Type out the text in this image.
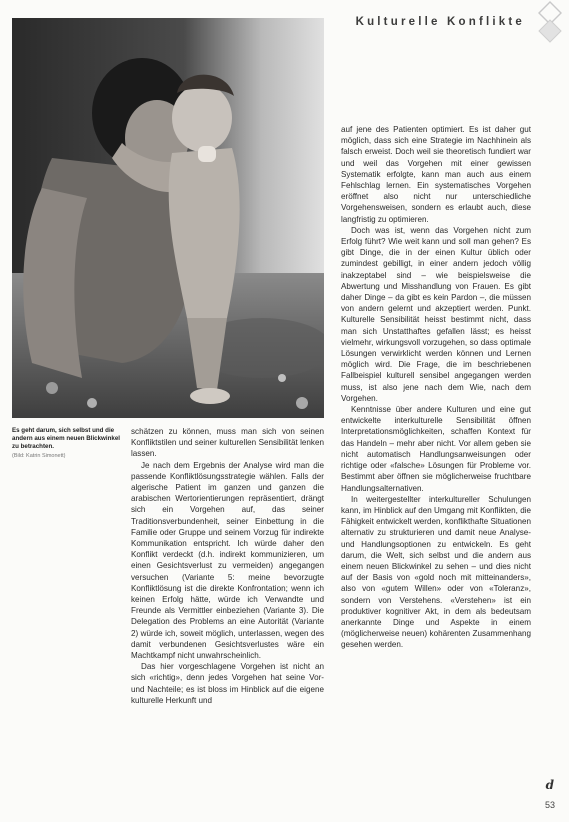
Kulturelle Konflikte
Es geht darum, sich selbst und die andern aus einem neuen Blickwinkel zu betrachten.
(Bild: Katrin Simonett)

schätzen zu können, muss man sich von seinen Konfliktstilen und seiner kulturellen Sensibilität lenken lassen.

Je nach dem Ergebnis der Analyse wird man die passende Konfliktlösungsstrategie wählen. Falls der algerische Patient im ganzen und ganzen die arabischen Wertorientierungen repräsentiert, drängt sich ein Vorgehen auf, das seiner Traditionsverbundenheit, seiner Einbettung in die Familie oder Gruppe und seinem Vorzug für indirekte Kommunikation entspricht. Ich würde daher den Konflikt verdeckt (d.h. indirekt kommunizieren, um einen Gesichtsverlust zu vermeiden) angegangen versuchen (Variante 5: meine bevorzugte Konfliktlösung ist die direkte Konfrontation; wenn ich keinen Erfolg hätte, würde ich Verwandte und Freunde als Vermittler einbeziehen (Variante 3). Die Delegation des Problems an eine Autorität (Variante 2) würde ich, soweit möglich, unterlassen, wegen des damit verbundenen Gesichtsverlustes wäre ein Machtkampf nicht unwahrscheinlich.

Das hier vorgeschlagene Vorgehen ist nicht an sich «richtig», denn jedes Vorgehen hat seine Vor- und Nachteile; es ist bloss im Hinblick auf die eigene kulturelle Herkunft und

auf jene des Patienten optimiert. Es ist daher gut möglich, dass sich eine Strategie im Nachhinein als falsch erweist. Doch weil sie theoretisch fundiert war und weil das Vorgehen mit einer gewissen Systematik erfolgte, kann man auch aus einem Fehlschlag lernen. Ein systematisches Vorgehen eröffnet also nicht nur unterschiedliche Vorgehensweisen, sondern es erlaubt auch, diese langfristig zu optimieren.

Doch was ist, wenn das Vorgehen nicht zum Erfolg führt? Wie weit kann und soll man gehen? Es gibt Dinge, die in der einen Kultur üblich oder zumindest gebilligt, in einer andern jedoch völlig inakzeptabel sind – wie beispielsweise die Abwertung und Misshandlung von Frauen. Es gibt daher Dinge – da gibt es kein Pardon –, die müssen von andern gelernt und akzeptiert werden. Punkt. Kulturelle Sensibilität heisst bestimmt nicht, dass man sich Unstatthaftes gefallen lässt; es heisst vielmehr, wirkungsvoll vorzugehen, so dass optimale Lösungen verwirklicht werden können und Lernen möglich wird. Die Frage, die im beschriebenen Fallbeispiel kulturell sensibel angegangen werden muss, ist also jene nach dem Wie, nach dem Vorgehen.

Kenntnisse über andere Kulturen und eine gut entwickelte interkulturelle Sensibilität öffnen Interpretationsmöglichkeiten, schaffen Kontext für das Handeln – mehr aber nicht. Vor allem geben sie nicht automatisch Handlungsanweisungen oder richtige oder «falsche» Lösungen für Probleme vor. Bestimmt aber öffnen sie möglicherweise fruchtbare Handlungsalternativen.

In weitergestellter interkultureller Schulungen kann, im Hinblick auf den Umgang mit Konflikten, die Fähigkeit entwickelt werden, konflikthafte Situationen alternativ zu strukturieren und damit neue Analyse- und Handlungsoptionen zu entwickeln. Es geht darum, die Welt, sich selbst und die andern aus einem neuen Blickwinkel zu sehen – und dies nicht auf der Basis von «gold noch mit mitteinanders», also von «gutem Willen» oder von «Toleranz», sondern von Verstehens. «Verstehen» ist ein produktiver kognitiver Akt, in dem als bedeutsam anerkannte Dinge und Aspekte in einem (möglicherweise neuen) kohärenten Zusammenhang gesehen werden.

d
53
